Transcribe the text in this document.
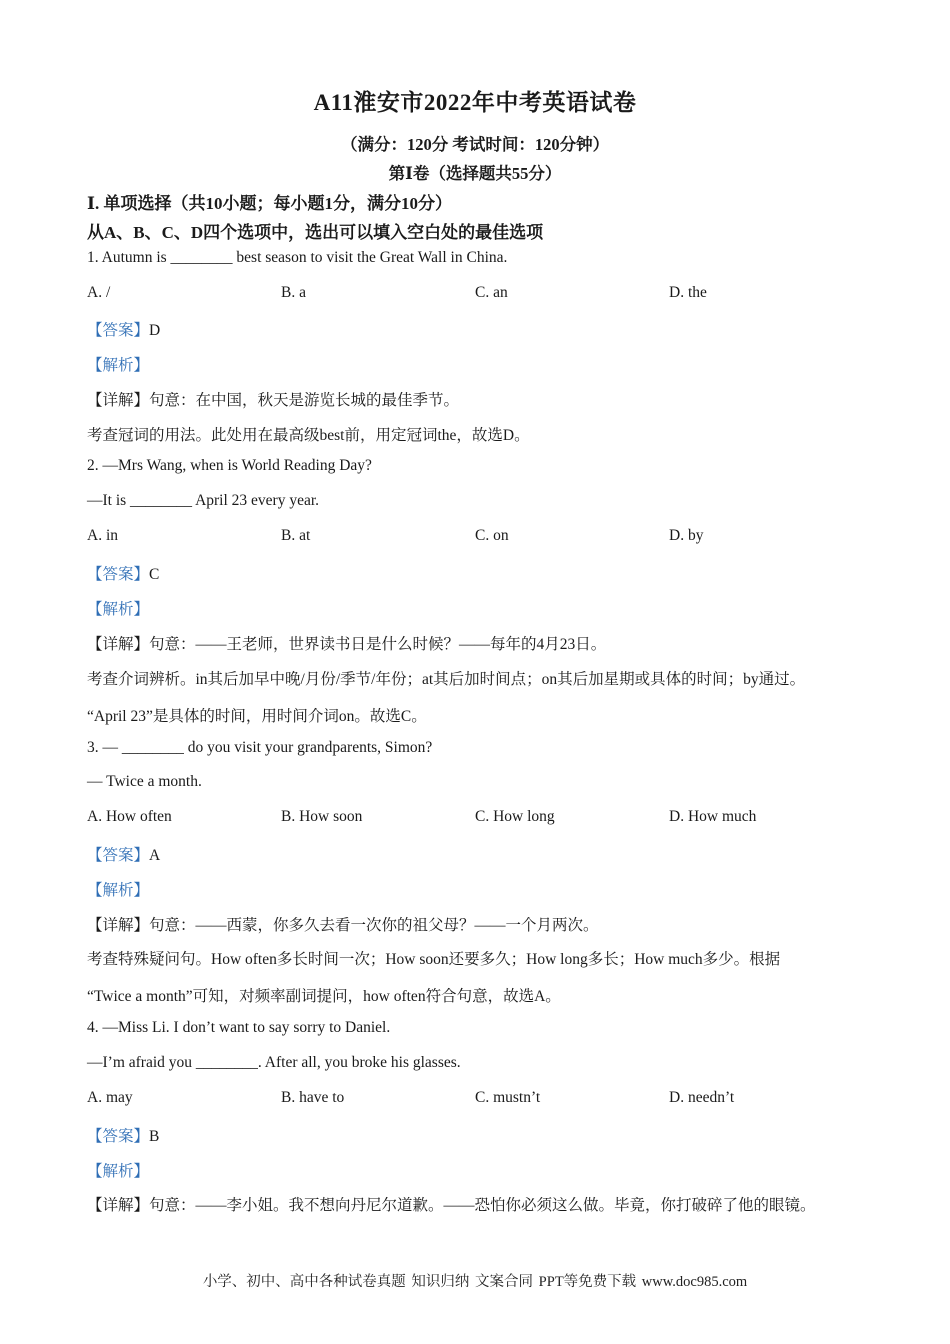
A11淮安市2022年中考英语试卷
（满分：120分 考试时间：120分钟）
第Ⅰ卷（选择题共55分）
Ⅰ. 单项选择（共10小题；每小题1分，满分10分）
从A、B、C、D四个选项中，选出可以填入空白处的最佳选项
1. Autumn is ________ best season to visit the Great Wall in China.
A. /	B. a	C. an	D. the
【答案】D
【解析】
【详解】句意：在中国，秋天是游览长城的最佳季节。
考查冠词的用法。此处用在最高级best前，用定冠词the，故选D。
2. —Mrs Wang, when is World Reading Day?
—It is ________ April 23 every year.
A. in	B. at	C. on	D. by
【答案】C
【解析】
【详解】句意：——王老师，世界读书日是什么时候？——每年的4月23日。
考查介词辨析。in其后加早中晚/月份/季节/年份；at其后加时间点；on其后加星期或具体的时间；by通过。
“April 23”是具体的时间，用时间介词on。故选C。
3. — ________ do you visit your grandparents, Simon?
— Twice a month.
A. How often	B. How soon	C. How long	D. How much
【答案】A
【解析】
【详解】句意：——西蒙，你多久去看一次你的祖父母？——一个月两次。
考查特殊疑问句。How often多长时间一次；How soon还要多久；How long多长；How much多少。根据
“Twice a month”可知，对频率副词提问，how often符合句意，故选A。
4. —Miss Li. I don’t want to say sorry to Daniel.
—I’m afraid you ________. After all, you broke his glasses.
A. may	B. have to	C. mustn’t	D. needn’t
【答案】B
【解析】
【详解】句意：——李小姐。我不想向丹尼尔道歉。——恐怕你必须这么做。毕竟，你打破碎了他的眼镜。
小学、初中、高中各种试卷真题 知识归纳 文案合同 PPT等免费下载 www.doc985.com
